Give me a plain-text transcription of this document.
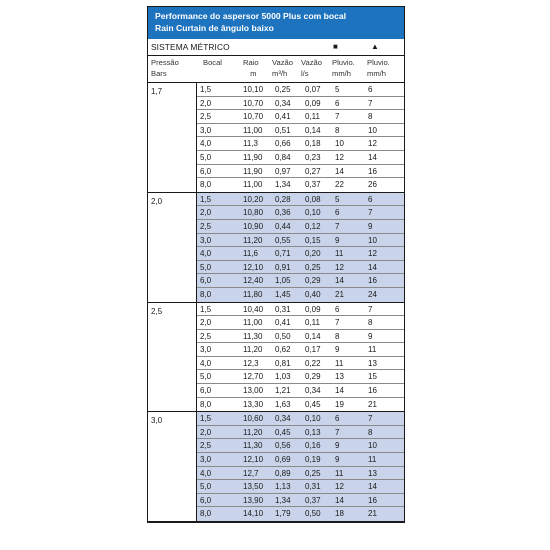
Performance do aspersor 5000 Plus com bocal
Rain Curtain de ângulo baixo
SISTEMA MÉTRICO	■	▲
Pressão
Bars
Bocal	Raio
m
Vazão
m³/h
Vazão
l/s
Pluvio.
mm/h
Pluvio.
mm/h
1,7	1,5	10,10 0,25 0,07 5	6
2,0	10,70 0,34 0,09 6	7
2,5	10,70 0,41 0,11 7	8
3,0	11,00 0,51 0,14 8	10
4,0	11,3 0,66 0,18 10	12
5,0	11,90 0,84 0,23 12	14
6,0	11,90 0,97 0,27 14	16
8,0	11,00 1,34 0,37 22	26
2,0	1,5	10,20 0,28 0,08 5	6
2,0	10,80 0,36 0,10 6	7
2,5	10,90 0,44 0,12 7	9
3,0	11,20 0,55 0,15 9	10
4,0	11,6 0,71 0,20 11	12
5,0	12,10 0,91 0,25 12	14
6,0	12,40 1,05 0,29 14	16
8,0	11,80 1,45 0,40 21	24
2,5	1,5	10,40 0,31 0,09 6	7
2,0	11,00 0,41 0,11 7	8
2,5	11,30 0,50 0,14 8	9
3,0	11,20 0,62 0,17 9	11
4,0	12,3 0,81 0,22 11	13
5,0	12,70 1,03 0,29 13	15
6,0	13,00 1,21 0,34 14	16
8,0	13,30 1,63 0,45 19	21
3,0	1,5	10,60 0,34 0,10 6	7
2,0	11,20 0,45 0,13 7	8
2,5	11,30 0,56 0,16 9	10
3,0	12,10 0,69 0,19 9	11
4,0	12,7 0,89 0,25 11	13
5,0	13,50 1,13 0,31 12	14
6,0	13,90 1,34 0,37 14	16
8,0	14,10 1,79 0,50 18	21
